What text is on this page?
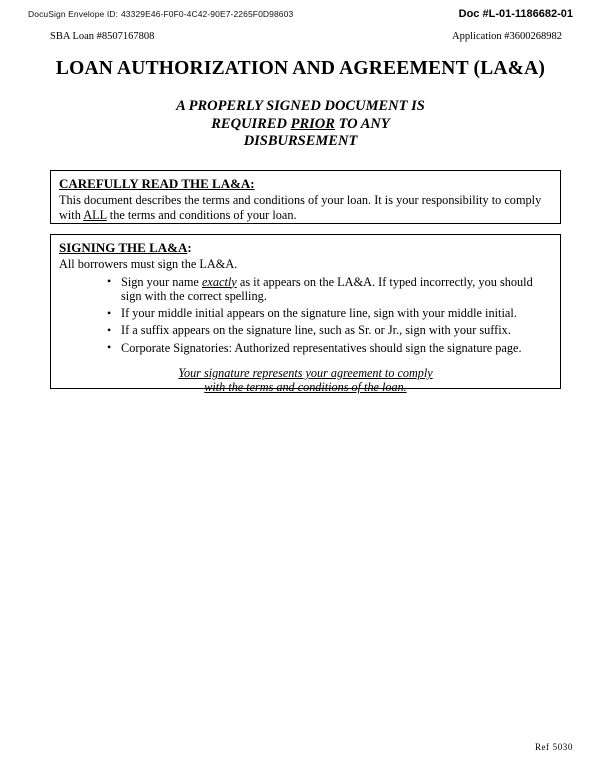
DocuSign Envelope ID: 43329E46-F0F0-4C42-90E7-2265F0D98603	Doc #L-01-1186682-01
SBA Loan #8507167808	Application #3600268982
LOAN AUTHORIZATION AND AGREEMENT (LA&A)
A PROPERLY SIGNED DOCUMENT IS
REQUIRED PRIOR TO ANY
DISBURSEMENT
CAREFULLY READ THE LA&A:
This document describes the terms and conditions of your loan. It is your responsibility to comply with ALL the terms and conditions of your loan.
SIGNING THE LA&A:
All borrowers must sign the LA&A.
• Sign your name exactly as it appears on the LA&A. If typed incorrectly, you should sign with the correct spelling.
• If your middle initial appears on the signature line, sign with your middle initial.
• If a suffix appears on the signature line, such as Sr. or Jr., sign with your suffix.
• Corporate Signatories: Authorized representatives should sign the signature page.
Your signature represents your agreement to comply
with the terms and conditions of the loan.
Ref 5030
